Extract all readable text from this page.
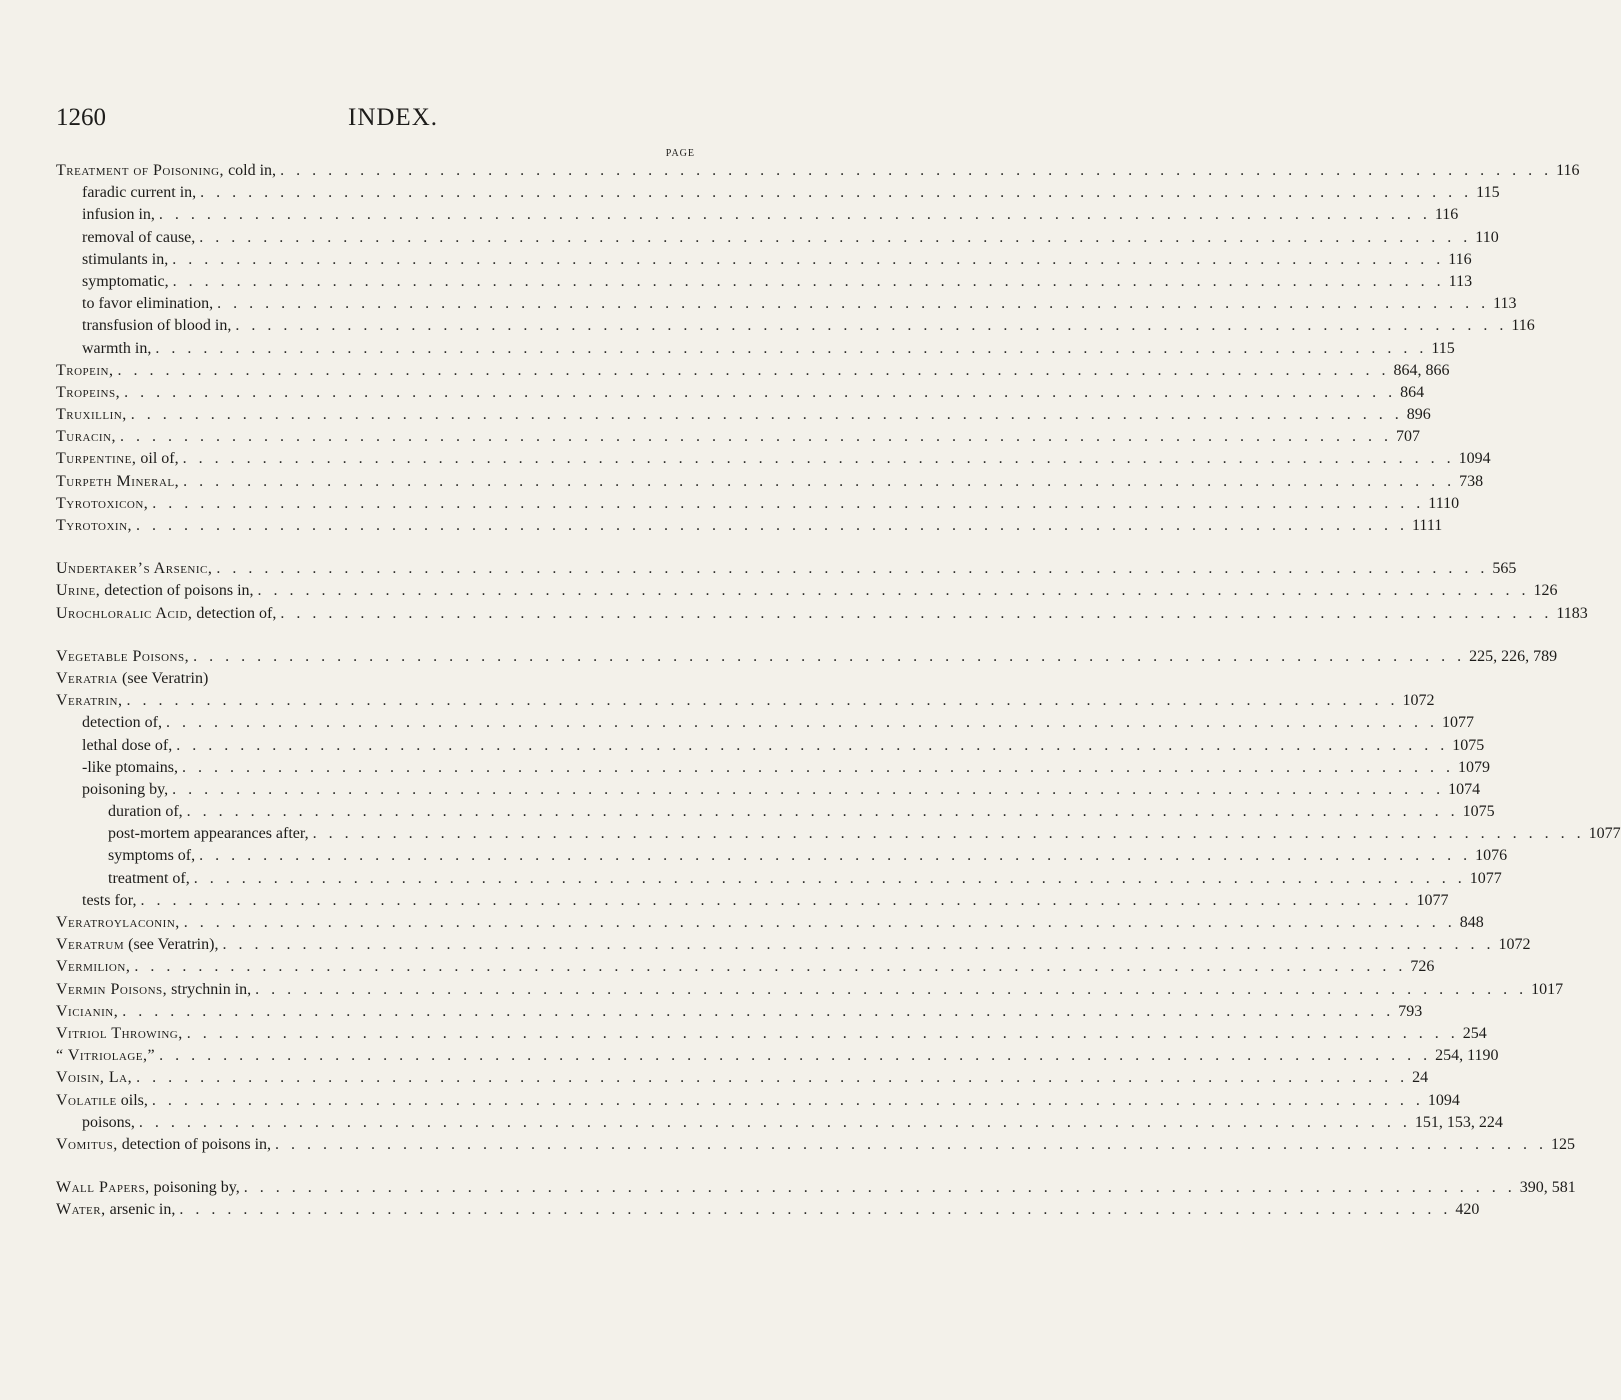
1260	INDEX.
PAGE
Treatment of Poisoning, cold in, . . . . . . . . . . . . . . . . . . . . . . . . . . . . . . . . . . . . . . . . . . . . . . . . . . . . . . . . . . . . . . . . . . . . . . . . . . . . . . . . 116
faradic current in, . . . . . . . . . . . . . . . . . . . . . . . . . . . . . . . . . . . . . . . . . . . . . . . . . . . . . . . . . . . . . . . . . . . . . . . . . . . . . . . . 115
infusion in, . . . . . . . . . . . . . . . . . . . . . . . . . . . . . . . . . . . . . . . . . . . . . . . . . . . . . . . . . . . . . . . . . . . . . . . . . . . . . . . . 116
removal of cause, . . . . . . . . . . . . . . . . . . . . . . . . . . . . . . . . . . . . . . . . . . . . . . . . . . . . . . . . . . . . . . . . . . . . . . . . . . . . . . . . 110
stimulants in, . . . . . . . . . . . . . . . . . . . . . . . . . . . . . . . . . . . . . . . . . . . . . . . . . . . . . . . . . . . . . . . . . . . . . . . . . . . . . . . . 116
symptomatic, . . . . . . . . . . . . . . . . . . . . . . . . . . . . . . . . . . . . . . . . . . . . . . . . . . . . . . . . . . . . . . . . . . . . . . . . . . . . . . . . 113
to favor elimination, . . . . . . . . . . . . . . . . . . . . . . . . . . . . . . . . . . . . . . . . . . . . . . . . . . . . . . . . . . . . . . . . . . . . . . . . . . . . . . . . 113
transfusion of blood in, . . . . . . . . . . . . . . . . . . . . . . . . . . . . . . . . . . . . . . . . . . . . . . . . . . . . . . . . . . . . . . . . . . . . . . . . . . . . . . . . 116
warmth in, . . . . . . . . . . . . . . . . . . . . . . . . . . . . . . . . . . . . . . . . . . . . . . . . . . . . . . . . . . . . . . . . . . . . . . . . . . . . . . . . 115
Tropein, . . . . . . . . . . . . . . . . . . . . . . . . . . . . . . . . . . . . . . . . . . . . . . . . . . . . . . . . . . . . . . . . . . . . . . . . . . . . . . . . 864, 866
Tropeins, . . . . . . . . . . . . . . . . . . . . . . . . . . . . . . . . . . . . . . . . . . . . . . . . . . . . . . . . . . . . . . . . . . . . . . . . . . . . . . . . 864
Truxillin, . . . . . . . . . . . . . . . . . . . . . . . . . . . . . . . . . . . . . . . . . . . . . . . . . . . . . . . . . . . . . . . . . . . . . . . . . . . . . . . . 896
Turacin, . . . . . . . . . . . . . . . . . . . . . . . . . . . . . . . . . . . . . . . . . . . . . . . . . . . . . . . . . . . . . . . . . . . . . . . . . . . . . . . . 707
Turpentine, oil of, . . . . . . . . . . . . . . . . . . . . . . . . . . . . . . . . . . . . . . . . . . . . . . . . . . . . . . . . . . . . . . . . . . . . . . . . . . . . . . . . 1094
Turpeth Mineral, . . . . . . . . . . . . . . . . . . . . . . . . . . . . . . . . . . . . . . . . . . . . . . . . . . . . . . . . . . . . . . . . . . . . . . . . . . . . . . . . 738
Tyrotoxicon, . . . . . . . . . . . . . . . . . . . . . . . . . . . . . . . . . . . . . . . . . . . . . . . . . . . . . . . . . . . . . . . . . . . . . . . . . . . . . . . . 1110
Tyrotoxin, . . . . . . . . . . . . . . . . . . . . . . . . . . . . . . . . . . . . . . . . . . . . . . . . . . . . . . . . . . . . . . . . . . . . . . . . . . . . . . . . 1111
Undertaker’s Arsenic, . . . . . . . . . . . . . . . . . . . . . . . . . . . . . . . . . . . . . . . . . . . . . . . . . . . . . . . . . . . . . . . . . . . . . . . . . . . . . . . . 565
Urine, detection of poisons in, . . . . . . . . . . . . . . . . . . . . . . . . . . . . . . . . . . . . . . . . . . . . . . . . . . . . . . . . . . . . . . . . . . . . . . . . . . . . . . . . 126
Urochloralic Acid, detection of, . . . . . . . . . . . . . . . . . . . . . . . . . . . . . . . . . . . . . . . . . . . . . . . . . . . . . . . . . . . . . . . . . . . . . . . . . . . . . . . . 1183
Vegetable Poisons, . . . . . . . . . . . . . . . . . . . . . . . . . . . . . . . . . . . . . . . . . . . . . . . . . . . . . . . . . . . . . . . . . . . . . . . . . . . . . . . . 225, 226, 789
Veratria (see Veratrin)
Veratrin, . . . . . . . . . . . . . . . . . . . . . . . . . . . . . . . . . . . . . . . . . . . . . . . . . . . . . . . . . . . . . . . . . . . . . . . . . . . . . . . . 1072
detection of, . . . . . . . . . . . . . . . . . . . . . . . . . . . . . . . . . . . . . . . . . . . . . . . . . . . . . . . . . . . . . . . . . . . . . . . . . . . . . . . . 1077
lethal dose of, . . . . . . . . . . . . . . . . . . . . . . . . . . . . . . . . . . . . . . . . . . . . . . . . . . . . . . . . . . . . . . . . . . . . . . . . . . . . . . . . 1075
-like ptomains, . . . . . . . . . . . . . . . . . . . . . . . . . . . . . . . . . . . . . . . . . . . . . . . . . . . . . . . . . . . . . . . . . . . . . . . . . . . . . . . . 1079
poisoning by, . . . . . . . . . . . . . . . . . . . . . . . . . . . . . . . . . . . . . . . . . . . . . . . . . . . . . . . . . . . . . . . . . . . . . . . . . . . . . . . . 1074
duration of, . . . . . . . . . . . . . . . . . . . . . . . . . . . . . . . . . . . . . . . . . . . . . . . . . . . . . . . . . . . . . . . . . . . . . . . . . . . . . . . . 1075
post-mortem appearances after, . . . . . . . . . . . . . . . . . . . . . . . . . . . . . . . . . . . . . . . . . . . . . . . . . . . . . . . . . . . . . . . . . . . . . . . . . . . . . . . . 1077
symptoms of, . . . . . . . . . . . . . . . . . . . . . . . . . . . . . . . . . . . . . . . . . . . . . . . . . . . . . . . . . . . . . . . . . . . . . . . . . . . . . . . . 1076
treatment of, . . . . . . . . . . . . . . . . . . . . . . . . . . . . . . . . . . . . . . . . . . . . . . . . . . . . . . . . . . . . . . . . . . . . . . . . . . . . . . . . 1077
tests for, . . . . . . . . . . . . . . . . . . . . . . . . . . . . . . . . . . . . . . . . . . . . . . . . . . . . . . . . . . . . . . . . . . . . . . . . . . . . . . . . 1077
Veratroylaconin, . . . . . . . . . . . . . . . . . . . . . . . . . . . . . . . . . . . . . . . . . . . . . . . . . . . . . . . . . . . . . . . . . . . . . . . . . . . . . . . . 848
Veratrum (see Veratrin), . . . . . . . . . . . . . . . . . . . . . . . . . . . . . . . . . . . . . . . . . . . . . . . . . . . . . . . . . . . . . . . . . . . . . . . . . . . . . . . . 1072
Vermilion, . . . . . . . . . . . . . . . . . . . . . . . . . . . . . . . . . . . . . . . . . . . . . . . . . . . . . . . . . . . . . . . . . . . . . . . . . . . . . . . . 726
Vermin Poisons, strychnin in, . . . . . . . . . . . . . . . . . . . . . . . . . . . . . . . . . . . . . . . . . . . . . . . . . . . . . . . . . . . . . . . . . . . . . . . . . . . . . . . . 1017
Vicianin, . . . . . . . . . . . . . . . . . . . . . . . . . . . . . . . . . . . . . . . . . . . . . . . . . . . . . . . . . . . . . . . . . . . . . . . . . . . . . . . . 793
Vitriol Throwing, . . . . . . . . . . . . . . . . . . . . . . . . . . . . . . . . . . . . . . . . . . . . . . . . . . . . . . . . . . . . . . . . . . . . . . . . . . . . . . . . 254
“ Vitriolage,” . . . . . . . . . . . . . . . . . . . . . . . . . . . . . . . . . . . . . . . . . . . . . . . . . . . . . . . . . . . . . . . . . . . . . . . . . . . . . . . . 254, 1190
Voisin, La, . . . . . . . . . . . . . . . . . . . . . . . . . . . . . . . . . . . . . . . . . . . . . . . . . . . . . . . . . . . . . . . . . . . . . . . . . . . . . . . . 24
Volatile oils, . . . . . . . . . . . . . . . . . . . . . . . . . . . . . . . . . . . . . . . . . . . . . . . . . . . . . . . . . . . . . . . . . . . . . . . . . . . . . . . . 1094
poisons, . . . . . . . . . . . . . . . . . . . . . . . . . . . . . . . . . . . . . . . . . . . . . . . . . . . . . . . . . . . . . . . . . . . . . . . . . . . . . . . . 151, 153, 224
Vomitus, detection of poisons in, . . . . . . . . . . . . . . . . . . . . . . . . . . . . . . . . . . . . . . . . . . . . . . . . . . . . . . . . . . . . . . . . . . . . . . . . . . . . . . . . 125
Wall Papers, poisoning by, . . . . . . . . . . . . . . . . . . . . . . . . . . . . . . . . . . . . . . . . . . . . . . . . . . . . . . . . . . . . . . . . . . . . . . . . . . . . . . . . 390, 581
Water, arsenic in, . . . . . . . . . . . . . . . . . . . . . . . . . . . . . . . . . . . . . . . . . . . . . . . . . . . . . . . . . . . . . . . . . . . . . . . . . . . . . . . . 420
